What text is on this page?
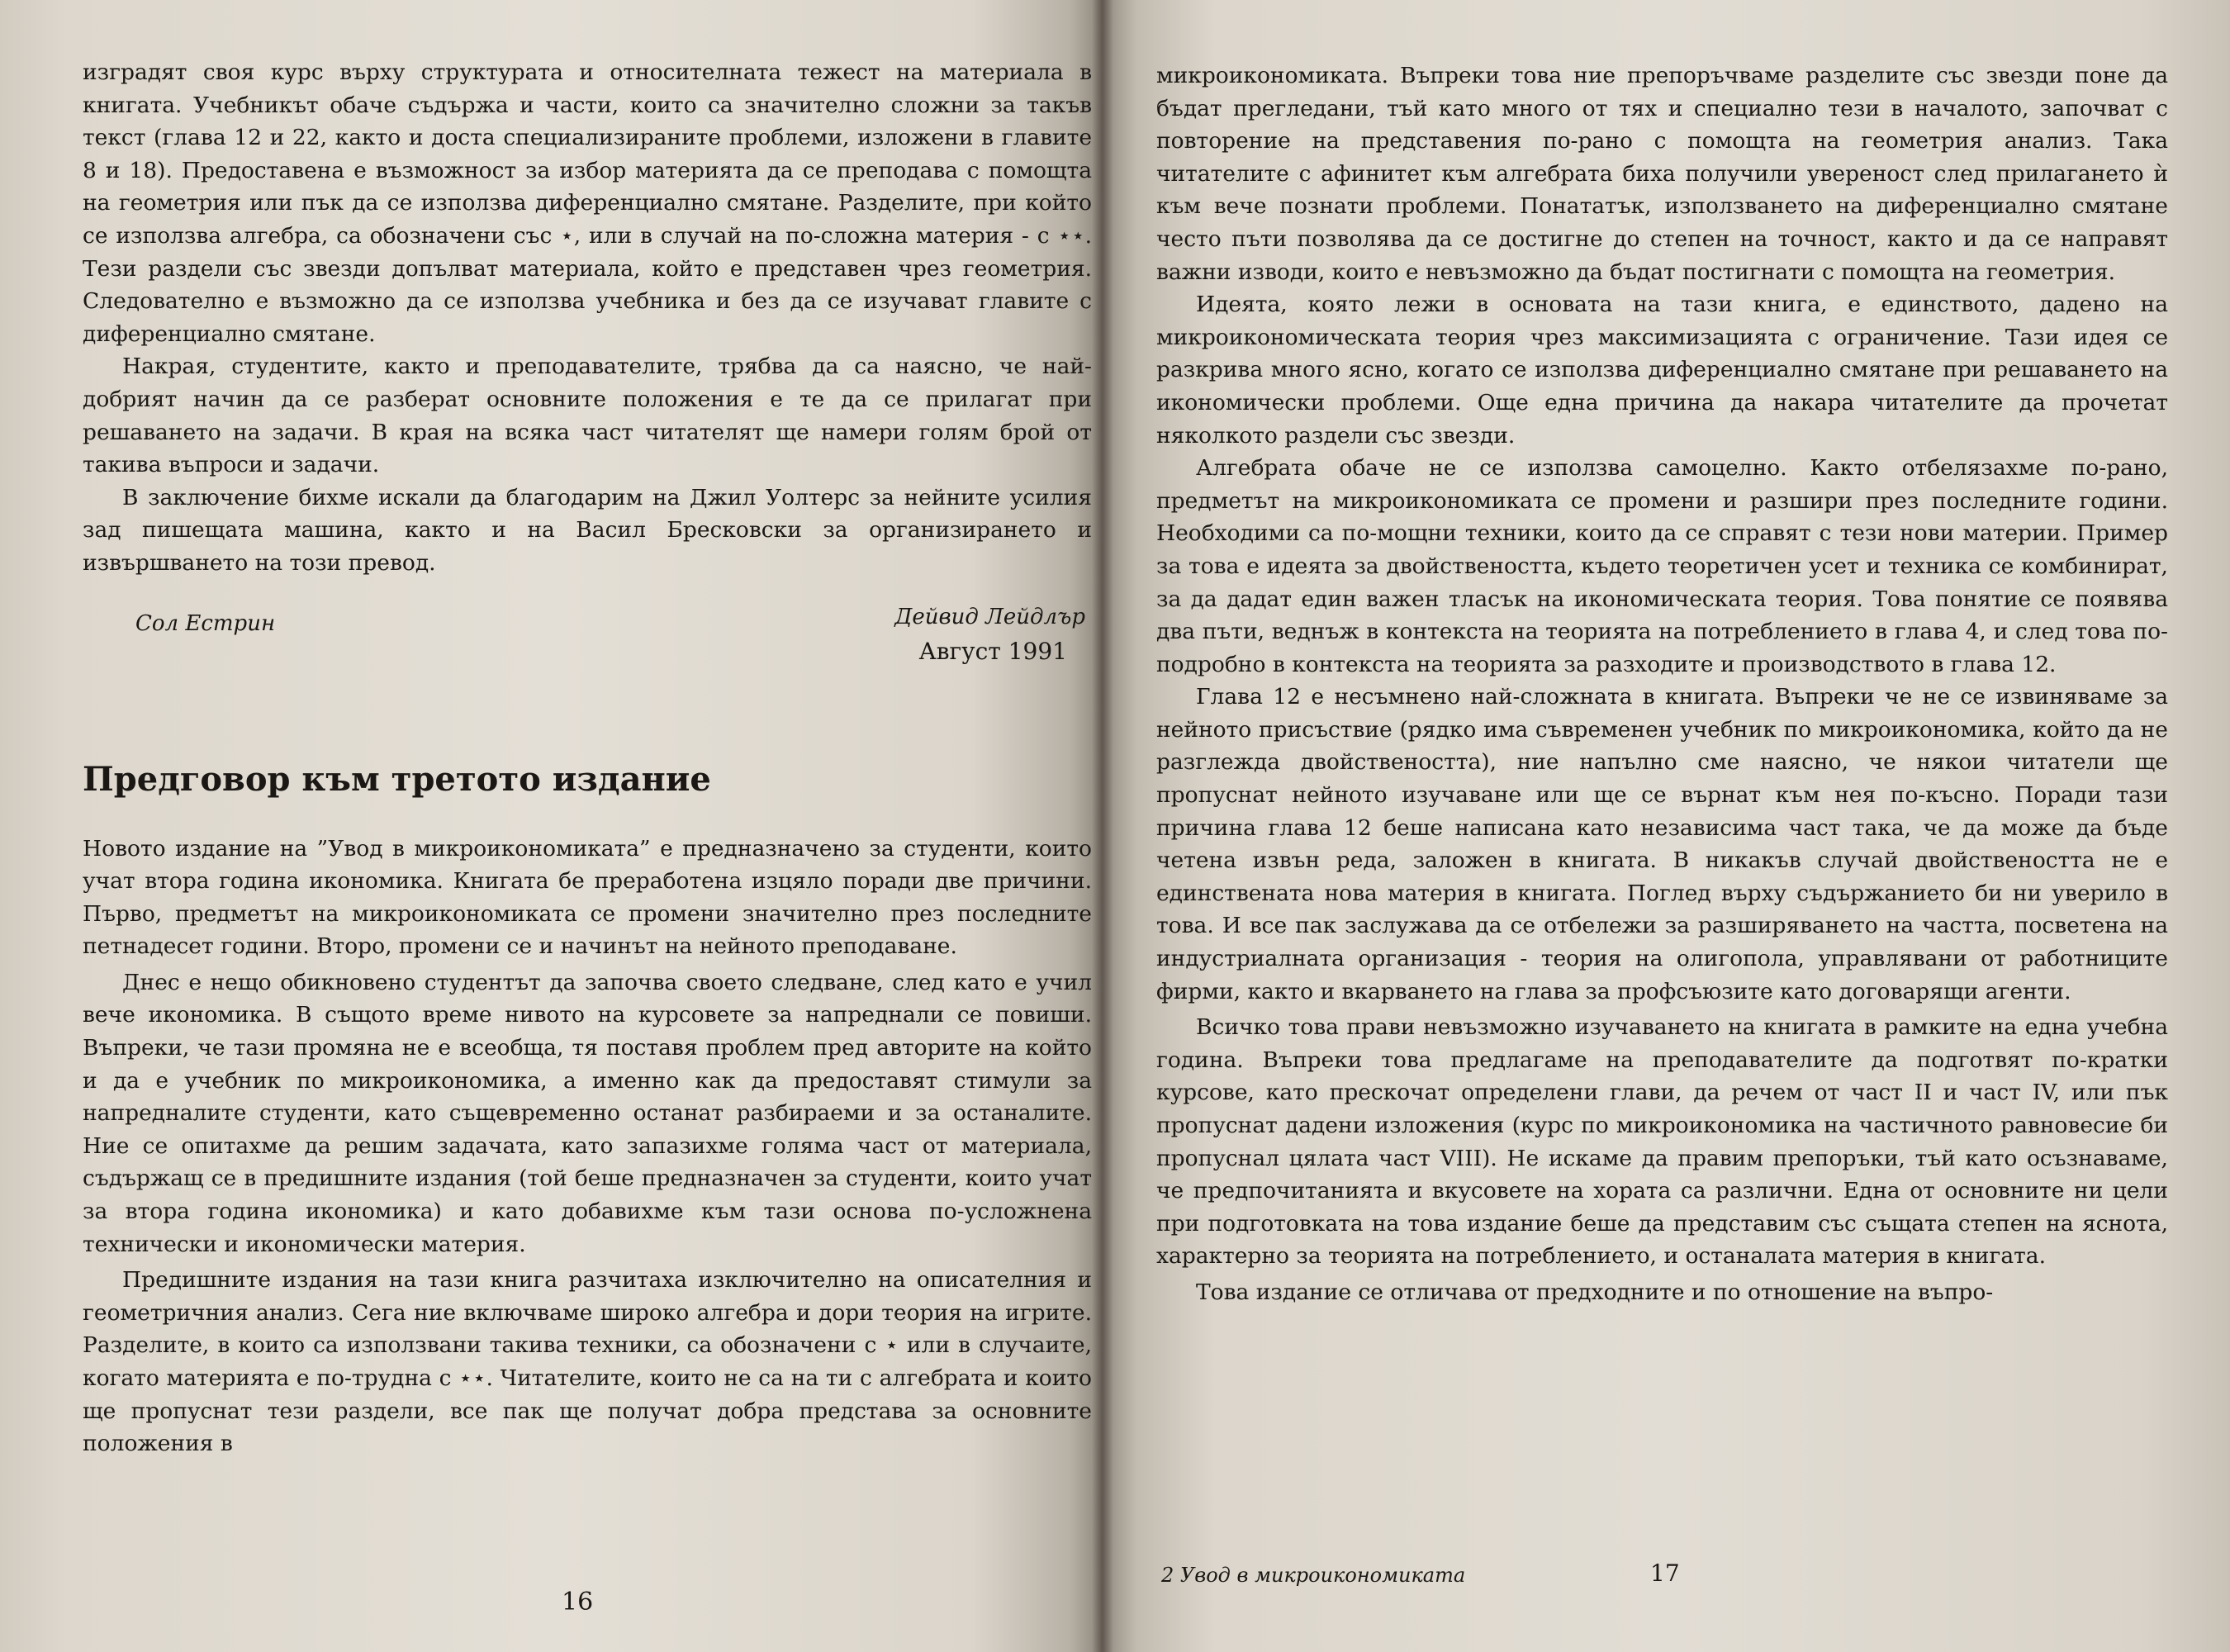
изградят своя курс върху структурата и относителната тежест на материала в книгата. Учебникът обаче съдържа и части, които са значително сложни за такъв текст (глава 12 и 22, както и доста специализираните проблеми, изложени в главите 8 и 18). Предоставена е възможност за избор материята да се преподава с помощта на геометрия или пък да се използва диференциално смятане. Разделите, при който се използва алгебра, са обозначени със ⋆, или в случай на по-сложна материя - с ⋆⋆. Тези раздели със звезди допълват материала, който е представен чрез геометрия. Следователно е възможно да се използва учебника и без да се изучават главите с диференциално смятане.

Накрая, студентите, както и преподавателите, трябва да са наясно, че най-добрият начин да се разберат основните положения е те да се прилагат при решаването на задачи. В края на всяка част читателят ще намери голям брой от такива въпроси и задачи.

В заключение бихме искали да благодарим на Джил Уолтерс за нейните усилия зад пишещата машина, както и на Васил Бресковски за организирането и извършването на този превод.

Сол Естрин	Дейвид Лейдлър
Август 1991
Предговор към третото издание

Новото издание на ”Увод в микроикономиката” е предназначено за студенти, които учат втора година икономика. Книгата бе преработена изцяло поради две причини. Първо, предметът на микроикономиката се промени значително през последните петнадесет години. Второ, промени се и начинът на нейното преподаване.

Днес е нещо обикновено студентът да започва своето следване, след като е учил вече икономика. В същото време нивото на курсовете за напреднали се повиши. Въпреки, че тази промяна не е всеобща, тя поставя проблем пред авторите на който и да е учебник по микроикономика, а именно как да предоставят стимули за напредналите студенти, като същевременно останат разбираеми и за останалите. Ние се опитахме да решим задачата, като запазихме голяма част от материала, съдържащ се в предишните издания (той беше предназначен за студенти, които учат за втора година икономика) и като добавихме към тази основа по-усложнена технически и икономически материя.

Предишните издания на тази книга разчитаха изключително на описателния и геометричния анализ. Сега ние включваме широко алгебра и дори теория на игрите. Разделите, в които са използвани такива техники, са обозначени с ⋆ или в случаите, когато материята е по-трудна с ⋆⋆. Читателите, които не са на ти с алгебрата и които ще пропуснат тези раздели, все пак ще получат добра представа за основните положения в

16

микроикономиката. Въпреки това ние препоръчваме разделите със звезди поне да бъдат прегледани, тъй като много от тях и специално тези в началото, започват с повторение на представения по-рано с помощта на геометрия анализ. Така читателите с афинитет към алгебрата биха получили увереност след прилагането ѝ към вече познати проблеми. Понататък, използването на диференциално смятане често пъти позволява да се достигне до степен на точност, както и да се направят важни изводи, които е невъзможно да бъдат постигнати с помощта на геометрия.

Идеята, която лежи в основата на тази книга, е единството, дадено на микроикономическата теория чрез максимизацията с ограничение. Тази идея се разкрива много ясно, когато се използва диференциално смятане при решаването на икономически проблеми. Още една причина да накара читателите да прочетат няколкото раздели със звезди.

Алгебрата обаче не се използва самоцелно. Както отбелязахме по-рано, предметът на микроикономиката се промени и разшири през последните години. Необходими са по-мощни техники, които да се справят с тези нови материи. Пример за това е идеята за двойствеността, където теоретичен усет и техника се комбинират, за да дадат един важен тласък на икономическата теория. Това понятие се появява два пъти, веднъж в контекста на теорията на потреблението в глава 4, и след това по-подробно в контекста на теорията за разходите и производството в глава 12.

Глава 12 е несъмнено най-сложната в книгата. Въпреки че не се извиняваме за нейното присъствие (рядко има съвременен учебник по микроикономика, който да не разглежда двойствеността), ние напълно сме наясно, че някои читатели ще пропуснат нейното изучаване или ще се върнат към нея по-късно. Поради тази причина глава 12 беше написана като независима част така, че да може да бъде четена извън реда, заложен в книгата. В никакъв случай двойствеността не е единствената нова материя в книгата. Поглед върху съдържанието би ни уверило в това. И все пак заслужава да се отбележи за разширяването на частта, посветена на индустриалната организация - теория на олигопола, управлявани от работниците фирми, както и вкарването на глава за профсъюзите като договарящи агенти.

Всичко това прави невъзможно изучаването на книгата в рамките на една учебна година. Въпреки това предлагаме на преподавателите да подготвят по-кратки курсове, като прескочат определени глави, да речем от част II и част IV, или пък пропуснат дадени изложения (курс по микроикономика на частичното равновесие би пропуснал цялата част VIII). Не искаме да правим препоръки, тъй като осъзнаваме, че предпочитанията и вкусовете на хората са различни. Една от основните ни цели при подготовката на това издание беше да представим със същата степен на яснота, характерно за теорията на потреблението, и останалата материя в книгата.

Това издание се отличава от предходните и по отношение на въпро-

2 Увод в микроикономиката	17
